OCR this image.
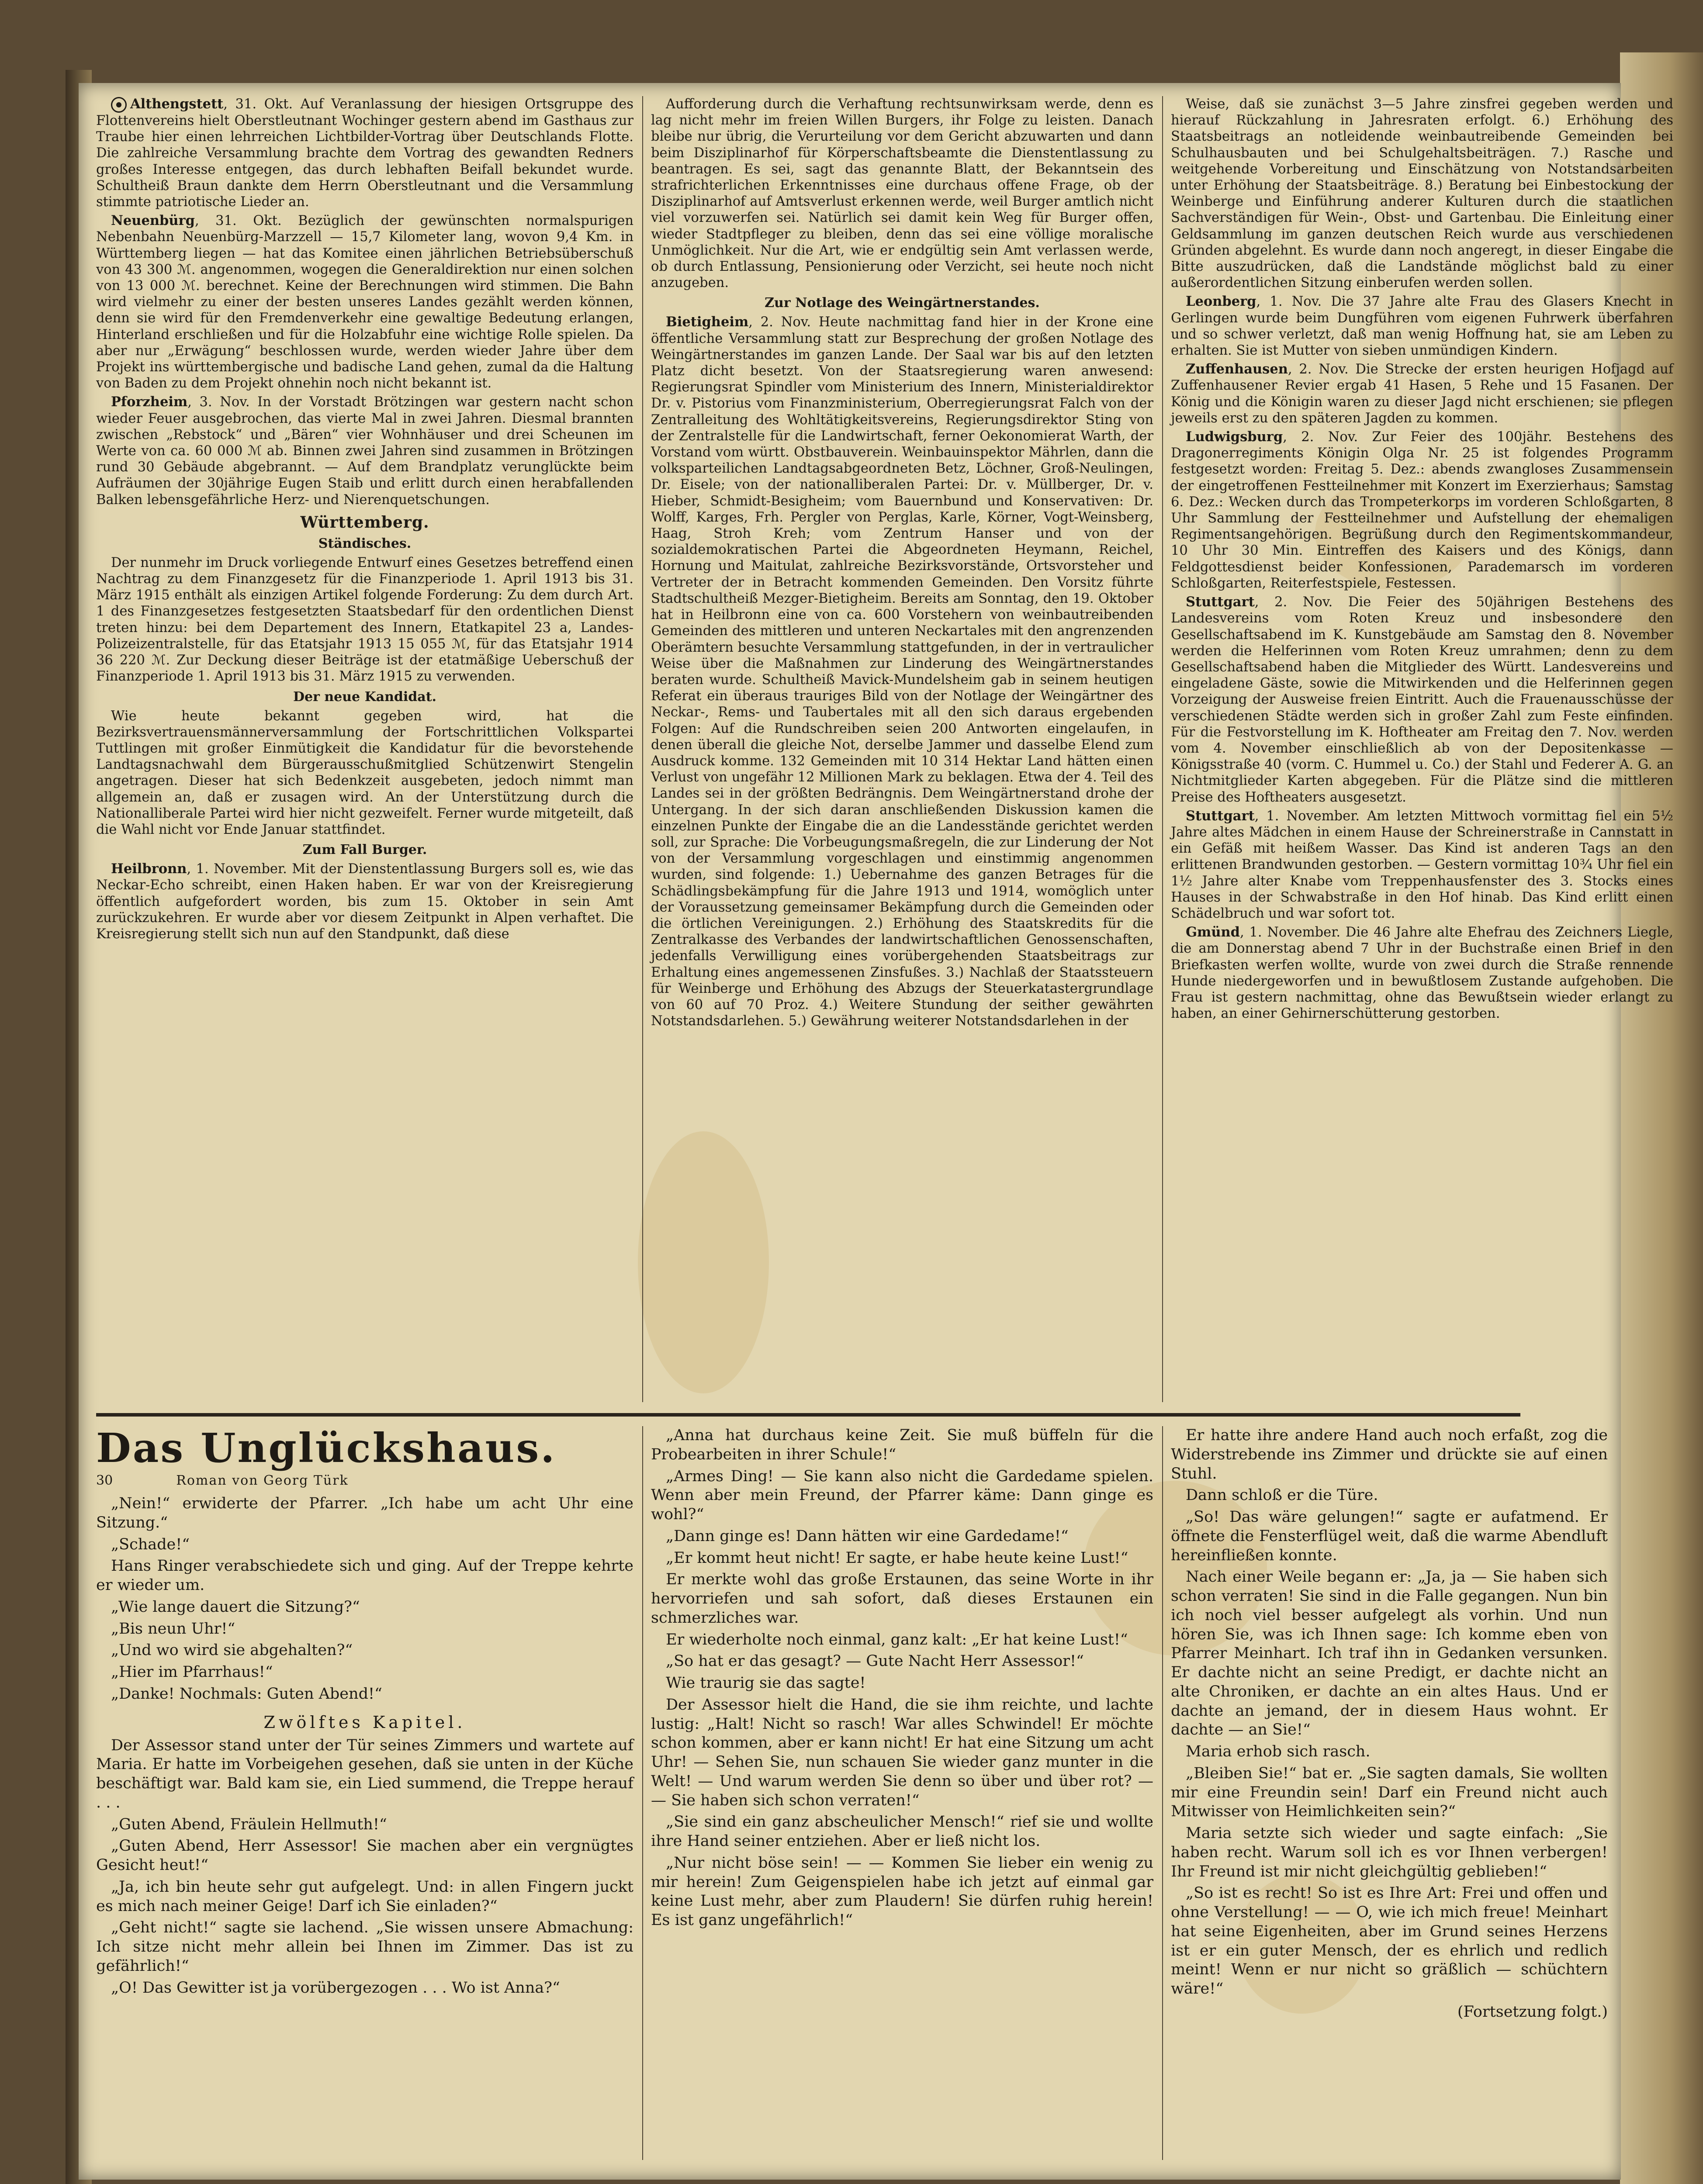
Althengstett, 31. Okt. Auf Veranlassung der hiesigen Ortsgruppe des Flottenvereins hielt Oberstleutnant Wochinger gestern abend im Gasthaus zur Traube hier einen lehrreichen Lichtbilder-Vortrag über Deutschlands Flotte. Die zahlreiche Versammlung brachte dem Vortrag des gewandten Redners großes Interesse entgegen, das durch lebhaften Beifall bekundet wurde. Schultheiß Braun dankte dem Herrn Oberstleutnant und die Versammlung stimmte patriotische Lieder an.

Neuenbürg, 31. Okt. Bezüglich der gewünschten normalspurigen Nebenbahn Neuenbürg-Marzzell — 15,7 Kilometer lang, wovon 9,4 Km. in Württemberg liegen — hat das Komitee einen jährlichen Betriebsüberschuß von 43 300 ℳ. angenommen, wogegen die Generaldirektion nur einen solchen von 13 000 ℳ. berechnet. Keine der Berechnungen wird stimmen. Die Bahn wird vielmehr zu einer der besten unseres Landes gezählt werden können, denn sie wird für den Fremdenverkehr eine gewaltige Bedeutung erlangen, Hinterland erschließen und für die Holzabfuhr eine wichtige Rolle spielen. Da aber nur „Erwägung“ beschlossen wurde, werden wieder Jahre über dem Projekt ins württembergische und badische Land gehen, zumal da die Haltung von Baden zu dem Projekt ohnehin noch nicht bekannt ist.

Pforzheim, 3. Nov. In der Vorstadt Brötzingen war gestern nacht schon wieder Feuer ausgebrochen, das vierte Mal in zwei Jahren. Diesmal brannten zwischen „Rebstock“ und „Bären“ vier Wohnhäuser und drei Scheunen im Werte von ca. 60 000 ℳ ab. Binnen zwei Jahren sind zusammen in Brötzingen rund 30 Gebäude abgebrannt. — Auf dem Brandplatz verunglückte beim Aufräumen der 30jährige Eugen Staib und erlitt durch einen herabfallenden Balken lebensgefährliche Herz- und Nierenquetschungen.

Württemberg.
Ständisches.

Der nunmehr im Druck vorliegende Entwurf eines Gesetzes betreffend einen Nachtrag zu dem Finanzgesetz für die Finanzperiode 1. April 1913 bis 31. März 1915 enthält als einzigen Artikel folgende Forderung: Zu dem durch Art. 1 des Finanzgesetzes festgesetzten Staatsbedarf für den ordentlichen Dienst treten hinzu: bei dem Departement des Innern, Etatkapitel 23 a, Landes-Polizeizentralstelle, für das Etatsjahr 1913 15 055 ℳ, für das Etatsjahr 1914 36 220 ℳ. Zur Deckung dieser Beiträge ist der etatmäßige Ueberschuß der Finanzperiode 1. April 1913 bis 31. März 1915 zu verwenden.

Der neue Kandidat.

Wie heute bekannt gegeben wird, hat die Bezirksvertrauensmännerversammlung der Fortschrittlichen Volkspartei Tuttlingen mit großer Einmütigkeit die Kandidatur für die bevorstehende Landtagsnachwahl dem Bürgerausschußmitglied Schützenwirt Stengelin angetragen. Dieser hat sich Bedenkzeit ausgebeten, jedoch nimmt man allgemein an, daß er zusagen wird. An der Unterstützung durch die Nationalliberale Partei wird hier nicht gezweifelt. Ferner wurde mitgeteilt, daß die Wahl nicht vor Ende Januar stattfindet.

Zum Fall Burger.

Heilbronn, 1. November. Mit der Dienstentlassung Burgers soll es, wie das Neckar-Echo schreibt, einen Haken haben. Er war von der Kreisregierung öffentlich aufgefordert worden, bis zum 15. Oktober in sein Amt zurückzukehren. Er wurde aber vor diesem Zeitpunkt in Alpen verhaftet. Die Kreisregierung stellt sich nun auf den Standpunkt, daß diese

Aufforderung durch die Verhaftung rechtsunwirksam werde, denn es lag nicht mehr im freien Willen Burgers, ihr Folge zu leisten. Danach bleibe nur übrig, die Verurteilung vor dem Gericht abzuwarten und dann beim Disziplinarhof für Körperschaftsbeamte die Dienstentlassung zu beantragen. Es sei, sagt das genannte Blatt, der Bekanntsein des strafrichterlichen Erkenntnisses eine durchaus offene Frage, ob der Disziplinarhof auf Amtsverlust erkennen werde, weil Burger amtlich nicht viel vorzuwerfen sei. Natürlich sei damit kein Weg für Burger offen, wieder Stadtpfleger zu bleiben, denn das sei eine völlige moralische Unmöglichkeit. Nur die Art, wie er endgültig sein Amt verlassen werde, ob durch Entlassung, Pensionierung oder Verzicht, sei heute noch nicht anzugeben.

Zur Notlage des Weingärtnerstandes.

Bietigheim, 2. Nov. Heute nachmittag fand hier in der Krone eine öffentliche Versammlung statt zur Besprechung der großen Notlage des Weingärtnerstandes im ganzen Lande. Der Saal war bis auf den letzten Platz dicht besetzt. Von der Staatsregierung waren anwesend: Regierungsrat Spindler vom Ministerium des Innern, Ministerialdirektor Dr. v. Pistorius vom Finanzministerium, Oberregierungsrat Falch von der Zentralleitung des Wohltätigkeitsvereins, Regierungsdirektor Sting von der Zentralstelle für die Landwirtschaft, ferner Oekonomierat Warth, der Vorstand vom württ. Obstbauverein. Weinbauinspektor Mährlen, dann die volksparteilichen Landtagsabgeordneten Betz, Löchner, Groß-Neulingen, Dr. Eisele; von der nationalliberalen Partei: Dr. v. Müllberger, Dr. v. Hieber, Schmidt-Besigheim; vom Bauernbund und Konservativen: Dr. Wolff, Karges, Frh. Pergler von Perglas, Karle, Körner, Vogt-Weinsberg, Haag, Stroh Kreh; vom Zentrum Hanser und von der sozialdemokratischen Partei die Abgeordneten Heymann, Reichel, Hornung und Maitulat, zahlreiche Bezirksvorstände, Ortsvorsteher und Vertreter der in Betracht kommenden Gemeinden. Den Vorsitz führte Stadtschultheiß Mezger-Bietigheim. Bereits am Sonntag, den 19. Oktober hat in Heilbronn eine von ca. 600 Vorstehern von weinbautreibenden Gemeinden des mittleren und unteren Neckartales mit den angrenzenden Oberämtern besuchte Versammlung stattgefunden, in der in vertraulicher Weise über die Maßnahmen zur Linderung des Weingärtnerstandes beraten wurde. Schultheiß Mavick-Mundelsheim gab in seinem heutigen Referat ein überaus trauriges Bild von der Notlage der Weingärtner des Neckar-, Rems- und Taubertales mit all den sich daraus ergebenden Folgen: Auf die Rundschreiben seien 200 Antworten eingelaufen, in denen überall die gleiche Not, derselbe Jammer und dasselbe Elend zum Ausdruck komme. 132 Gemeinden mit 10 314 Hektar Land hätten einen Verlust von ungefähr 12 Millionen Mark zu beklagen. Etwa der 4. Teil des Landes sei in der größten Bedrängnis. Dem Weingärtnerstand drohe der Untergang. In der sich daran anschließenden Diskussion kamen die einzelnen Punkte der Eingabe die an die Landesstände gerichtet werden soll, zur Sprache: Die Vorbeugungsmaßregeln, die zur Linderung der Not von der Versammlung vorgeschlagen und einstimmig angenommen wurden, sind folgende: 1.) Uebernahme des ganzen Betrages für die Schädlingsbekämpfung für die Jahre 1913 und 1914, womöglich unter der Voraussetzung gemeinsamer Bekämpfung durch die Gemeinden oder die örtlichen Vereinigungen. 2.) Erhöhung des Staatskredits für die Zentralkasse des Verbandes der landwirtschaftlichen Genossenschaften, jedenfalls Verwilligung eines vorübergehenden Staatsbeitrags zur Erhaltung eines angemessenen Zinsfußes. 3.) Nachlaß der Staatssteuern für Weinberge und Erhöhung des Abzugs der Steuerkatastergrundlage von 60 auf 70 Proz. 4.) Weitere Stundung der seither gewährten Notstandsdarlehen. 5.) Gewährung weiterer Notstandsdarlehen in der

Weise, daß sie zunächst 3—5 Jahre zinsfrei gegeben werden und hierauf Rückzahlung in Jahresraten erfolgt. 6.) Erhöhung des Staatsbeitrags an notleidende weinbautreibende Gemeinden bei Schulhausbauten und bei Schulgehaltsbeiträgen. 7.) Rasche und weitgehende Vorbereitung und Einschätzung von Notstandsarbeiten unter Erhöhung der Staatsbeiträge. 8.) Beratung bei Einbestockung der Weinberge und Einführung anderer Kulturen durch die staatlichen Sachverständigen für Wein-, Obst- und Gartenbau. Die Einleitung einer Geldsammlung im ganzen deutschen Reich wurde aus verschiedenen Gründen abgelehnt. Es wurde dann noch angeregt, in dieser Eingabe die Bitte auszudrücken, daß die Landstände möglichst bald zu einer außerordentlichen Sitzung einberufen werden sollen.

Leonberg, 1. Nov. Die 37 Jahre alte Frau des Glasers Knecht in Gerlingen wurde beim Dungführen vom eigenen Fuhrwerk überfahren und so schwer verletzt, daß man wenig Hoffnung hat, sie am Leben zu erhalten. Sie ist Mutter von sieben unmündigen Kindern.

Zuffenhausen, 2. Nov. Die Strecke der ersten heurigen Hofjagd auf Zuffenhausener Revier ergab 41 Hasen, 5 Rehe und 15 Fasanen. Der König und die Königin waren zu dieser Jagd nicht erschienen; sie pflegen jeweils erst zu den späteren Jagden zu kommen.

Ludwigsburg, 2. Nov. Zur Feier des 100jähr. Bestehens des Dragonerregiments Königin Olga Nr. 25 ist folgendes Programm festgesetzt worden: Freitag 5. Dez.: abends zwangloses Zusammensein der eingetroffenen Festteilnehmer mit Konzert im Exerzierhaus; Samstag 6. Dez.: Wecken durch das Trompeterkorps im vorderen Schloßgarten, 8 Uhr Sammlung der Festteilnehmer und Aufstellung der ehemaligen Regimentsangehörigen. Begrüßung durch den Regimentskommandeur, 10 Uhr 30 Min. Eintreffen des Kaisers und des Königs, dann Feldgottesdienst beider Konfessionen, Parademarsch im vorderen Schloßgarten, Reiterfestspiele, Festessen.

Stuttgart, 2. Nov. Die Feier des 50jährigen Bestehens des Landesvereins vom Roten Kreuz und insbesondere den Gesellschaftsabend im K. Kunstgebäude am Samstag den 8. November werden die Helferinnen vom Roten Kreuz umrahmen; denn zu dem Gesellschaftsabend haben die Mitglieder des Württ. Landesvereins und eingeladene Gäste, sowie die Mitwirkenden und die Helferinnen gegen Vorzeigung der Ausweise freien Eintritt. Auch die Frauenausschüsse der verschiedenen Städte werden sich in großer Zahl zum Feste einfinden. Für die Festvorstellung im K. Hoftheater am Freitag den 7. Nov. werden vom 4. November einschließlich ab von der Depositenkasse — Königsstraße 40 (vorm. C. Hummel u. Co.) der Stahl und Federer A. G. an Nichtmitglieder Karten abgegeben. Für die Plätze sind die mittleren Preise des Hoftheaters ausgesetzt.

Stuttgart, 1. November. Am letzten Mittwoch vormittag fiel ein 5½ Jahre altes Mädchen in einem Hause der Schreinerstraße in Cannstatt in ein Gefäß mit heißem Wasser. Das Kind ist anderen Tags an den erlittenen Brandwunden gestorben. — Gestern vormittag 10¾ Uhr fiel ein 1½ Jahre alter Knabe vom Treppenhausfenster des 3. Stocks eines Hauses in der Schwabstraße in den Hof hinab. Das Kind erlitt einen Schädelbruch und war sofort tot.

Gmünd, 1. November. Die 46 Jahre alte Ehefrau des Zeichners Liegle, die am Donnerstag abend 7 Uhr in der Buchstraße einen Brief in den Briefkasten werfen wollte, wurde von zwei durch die Straße rennende Hunde niedergeworfen und in bewußtlosem Zustande aufgehoben. Die Frau ist gestern nachmittag, ohne das Bewußtsein wieder erlangt zu haben, an einer Gehirnerschütterung gestorben.

Das Unglückshaus.
30	Roman von Georg Türk

„Nein!“ erwiderte der Pfarrer. „Ich habe um acht Uhr eine Sitzung.“

„Schade!“

Hans Ringer verabschiedete sich und ging. Auf der Treppe kehrte er wieder um.

„Wie lange dauert die Sitzung?“

„Bis neun Uhr!“

„Und wo wird sie abgehalten?“

„Hier im Pfarrhaus!“

„Danke! Nochmals: Guten Abend!“

Zwölftes Kapitel.

Der Assessor stand unter der Tür seines Zimmers und wartete auf Maria. Er hatte im Vorbeigehen gesehen, daß sie unten in der Küche beschäftigt war. Bald kam sie, ein Lied summend, die Treppe herauf . . .

„Guten Abend, Fräulein Hellmuth!“

„Guten Abend, Herr Assessor! Sie machen aber ein vergnügtes Gesicht heut!“

„Ja, ich bin heute sehr gut aufgelegt. Und: in allen Fingern juckt es mich nach meiner Geige! Darf ich Sie einladen?“

„Geht nicht!“ sagte sie lachend. „Sie wissen unsere Abmachung: Ich sitze nicht mehr allein bei Ihnen im Zimmer. Das ist zu gefährlich!“

„O! Das Gewitter ist ja vorübergezogen . . . Wo ist Anna?“

„Anna hat durchaus keine Zeit. Sie muß büffeln für die Probearbeiten in ihrer Schule!“

„Armes Ding! — Sie kann also nicht die Gardedame spielen. Wenn aber mein Freund, der Pfarrer käme: Dann ginge es wohl?“

„Dann ginge es! Dann hätten wir eine Gardedame!“

„Er kommt heut nicht! Er sagte, er habe heute keine Lust!“

Er merkte wohl das große Erstaunen, das seine Worte in ihr hervorriefen und sah sofort, daß dieses Erstaunen ein schmerzliches war.

Er wiederholte noch einmal, ganz kalt: „Er hat keine Lust!“

„So hat er das gesagt? — Gute Nacht Herr Assessor!“

Wie traurig sie das sagte!

Der Assessor hielt die Hand, die sie ihm reichte, und lachte lustig: „Halt! Nicht so rasch! War alles Schwindel! Er möchte schon kommen, aber er kann nicht! Er hat eine Sitzung um acht Uhr! — Sehen Sie, nun schauen Sie wieder ganz munter in die Welt! — Und warum werden Sie denn so über und über rot? — — Sie haben sich schon verraten!“

„Sie sind ein ganz abscheulicher Mensch!“ rief sie und wollte ihre Hand seiner entziehen. Aber er ließ nicht los.

„Nur nicht böse sein! — — Kommen Sie lieber ein wenig zu mir herein! Zum Geigenspielen habe ich jetzt auf einmal gar keine Lust mehr, aber zum Plaudern! Sie dürfen ruhig herein! Es ist ganz ungefährlich!“

Er hatte ihre andere Hand auch noch erfaßt, zog die Widerstrebende ins Zimmer und drückte sie auf einen Stuhl.

Dann schloß er die Türe.

„So! Das wäre gelungen!“ sagte er aufatmend. Er öffnete die Fensterflügel weit, daß die warme Abendluft hereinfließen konnte.

Nach einer Weile begann er: „Ja, ja — Sie haben sich schon verraten! Sie sind in die Falle gegangen. Nun bin ich noch viel besser aufgelegt als vorhin. Und nun hören Sie, was ich Ihnen sage: Ich komme eben von Pfarrer Meinhart. Ich traf ihn in Gedanken versunken. Er dachte nicht an seine Predigt, er dachte nicht an alte Chroniken, er dachte an ein altes Haus. Und er dachte an jemand, der in diesem Haus wohnt. Er dachte — an Sie!“

Maria erhob sich rasch.

„Bleiben Sie!“ bat er. „Sie sagten damals, Sie wollten mir eine Freundin sein! Darf ein Freund nicht auch Mitwisser von Heimlichkeiten sein?“

Maria setzte sich wieder und sagte einfach: „Sie haben recht. Warum soll ich es vor Ihnen verbergen! Ihr Freund ist mir nicht gleichgültig geblieben!“

„So ist es recht! So ist es Ihre Art: Frei und offen und ohne Verstellung! — — O, wie ich mich freue! Meinhart hat seine Eigenheiten, aber im Grund seines Herzens ist er ein guter Mensch, der es ehrlich und redlich meint! Wenn er nur nicht so gräßlich — schüchtern wäre!“

(Fortsetzung folgt.)
